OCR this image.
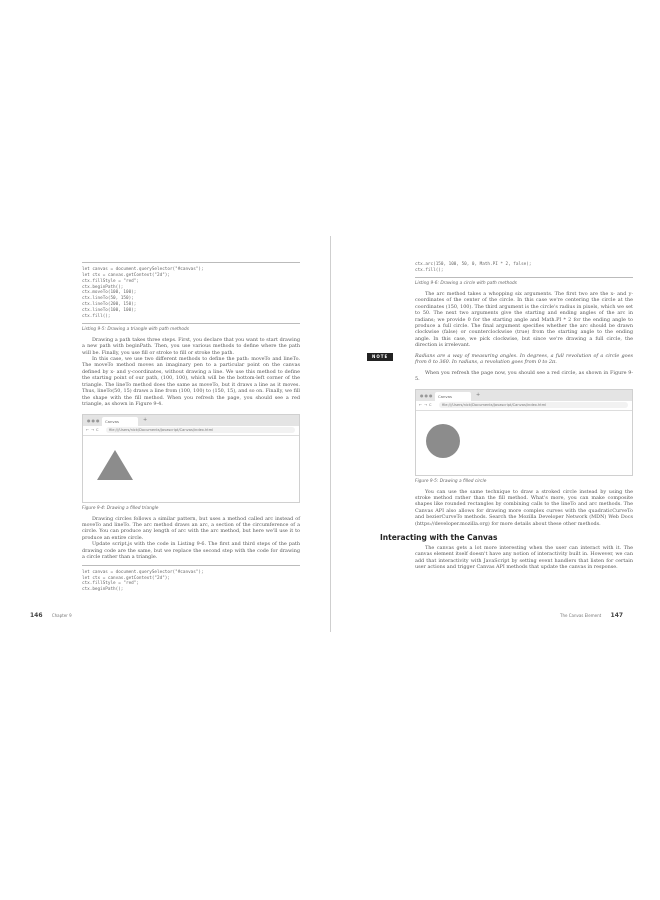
let canvas = document.querySelector("#canvas");
let ctx = canvas.getContext("2d");
ctx.fillStyle = "red";
ctx.beginPath();
ctx.moveTo(100, 100);
ctx.lineTo(50, 150);
ctx.lineTo(200, 150);
ctx.lineTo(100, 100);
ctx.fill();
Listing 9-5: Drawing a triangle with path methods

Drawing a path takes three steps. First, you declare that you want to start drawing a new path with beginPath. Then, you use various methods to define where the path will be. Finally, you use fill or stroke to fill or stroke the path.

In this case, we use two different methods to define the path: moveTo and lineTo. The moveTo method moves an imaginary pen to a particular point on the canvas defined by x- and y-coordinates, without drawing a line. We use this method to define the starting point of our path, (100, 100), which will be the bottom-left corner of the triangle. The lineTo method does the same as moveTo, but it draws a line as it moves. Thus, lineTo(50, 15) draws a line from (100, 100) to (150, 15), and so on. Finally, we fill the shape with the fill method. When you refresh the page, you should see a red triangle, as shown in Figure 9-4.

●●●	Canvas	+
←→C	file:///Users/nick/Documents/Javascript/Canvas/index.html
Figure 9-4: Drawing a filled triangle

Drawing circles follows a similar pattern, but uses a method called arc instead of moveTo and lineTo. The arc method draws an arc, a section of the circumference of a circle. You can produce any length of arc with the arc method, but here we'll use it to produce an entire circle.

Update script.js with the code in Listing 9-6. The first and third steps of the path drawing code are the same, but we replace the second step with the code for drawing a circle rather than a triangle.

let canvas = document.querySelector("#canvas");
let ctx = canvas.getContext("2d");
ctx.fillStyle = "red";
ctx.beginPath();
146 Chapter 9
ctx.arc(150, 100, 50, 0, Math.PI * 2, false);
ctx.fill();
Listing 9-6: Drawing a circle with path methods

The arc method takes a whopping six arguments. The first two are the x- and y-coordinates of the center of the circle. In this case we're centering the circle at the coordinates (150, 100). The third argument is the circle's radius in pixels, which we set to 50. The next two arguments give the starting and ending angles of the arc in radians; we provide 0 for the starting angle and Math.PI * 2 for the ending angle to produce a full circle. The final argument specifies whether the arc should be drawn clockwise (false) or counterclockwise (true) from the starting angle to the ending angle. In this case, we pick clockwise, but since we're drawing a full circle, the direction is irrelevant.

NOTE	Radians are a way of measuring angles. In degrees, a full revolution of a circle goes from 0 to 360. In radians, a revolution goes from 0 to 2π.

When you refresh the page now, you should see a red circle, as shown in Figure 9-5.

●●●	Canvas	+
←→C	file:///Users/nick/Documents/Javascript/Canvas/index.html
Figure 9-5: Drawing a filled circle

You can use the same technique to draw a stroked circle instead by using the stroke method rather than the fill method. What's more, you can make composite shapes like rounded rectangles by combining calls to the lineTo and arc methods. The Canvas API also allows for drawing more complex curves with the quadraticCurveTo and bezierCurveTo methods. Search the Mozilla Developer Network (MDN) Web Docs (https://developer.mozilla.org) for more details about these other methods.

Interacting with the Canvas

The canvas gets a lot more interesting when the user can interact with it. The canvas element itself doesn't have any notion of interactivity built in. However, we can add that interactivity with JavaScript by setting event handlers that listen for certain user actions and trigger Canvas API methods that update the canvas in response.

The Canvas Element 147
